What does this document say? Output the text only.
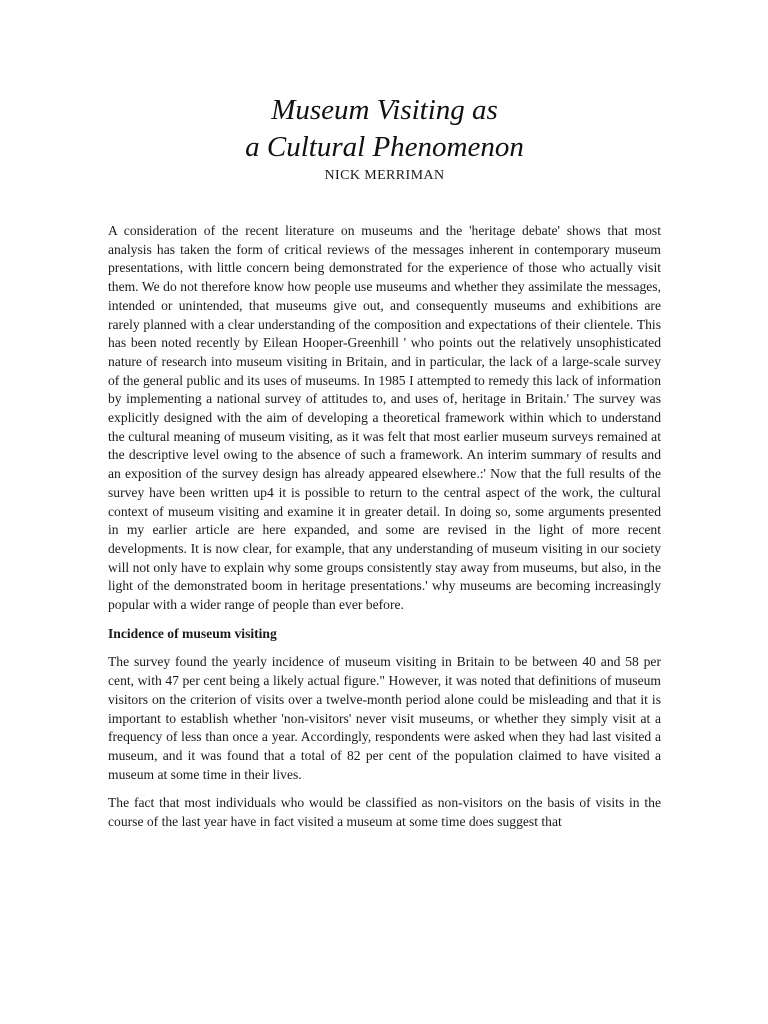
Museum Visiting as
a Cultural Phenomenon

NICK MERRIMAN

A consideration of the recent literature on museums and the 'heritage debate' shows that most analysis has taken the form of critical reviews of the messages inherent in contemporary museum presentations, with little concern being demonstrated for the experience of those who actually visit them. We do not therefore know how people use museums and whether they assimilate the messages, intended or unintended, that museums give out, and consequently museums and exhibitions are rarely planned with a clear understanding of the composition and expectations of their clientele. This has been noted recently by Eilean Hooper-Greenhill ' who points out the relatively unsophisticated nature of research into museum visiting in Britain, and in particular, the lack of a large-scale survey of the general public and its uses of museums. In 1985 I attempted to remedy this lack of information by implementing a national survey of attitudes to, and uses of, heritage in Britain.' The survey was explicitly designed with the aim of developing a theoretical framework within which to understand the cultural meaning of museum visiting, as it was felt that most earlier museum surveys remained at the descriptive level owing to the absence of such a framework. An interim summary of results and an exposition of the survey design has already appeared elsewhere.:' Now that the full results of the survey have been written up4 it is possible to return to the central aspect of the work, the cultural context of museum visiting and examine it in greater detail. In doing so, some arguments presented in my earlier article are here expanded, and some are revised in the light of more recent developments. It is now clear, for example, that any understanding of museum visiting in our society will not only have to explain why some groups consistently stay away from museums, but also, in the light of the demonstrated boom in heritage presentations.' why museums are becoming increasingly popular with a wider range of people than ever before.

Incidence of museum visiting

The survey found the yearly incidence of museum visiting in Britain to be between 40 and 58 per cent, with 47 per cent being a likely actual figure." However, it was noted that definitions of museum visitors on the criterion of visits over a twelve-month period alone could be misleading and that it is important to establish whether 'non-visitors' never visit museums, or whether they simply visit at a frequency of less than once a year. Accordingly, respondents were asked when they had last visited a museum, and it was found that a total of 82 per cent of the population claimed to have visited a museum at some time in their lives.

The fact that most individuals who would be classified as non-visitors on the basis of visits in the course of the last year have in fact visited a museum at some time does suggest that
